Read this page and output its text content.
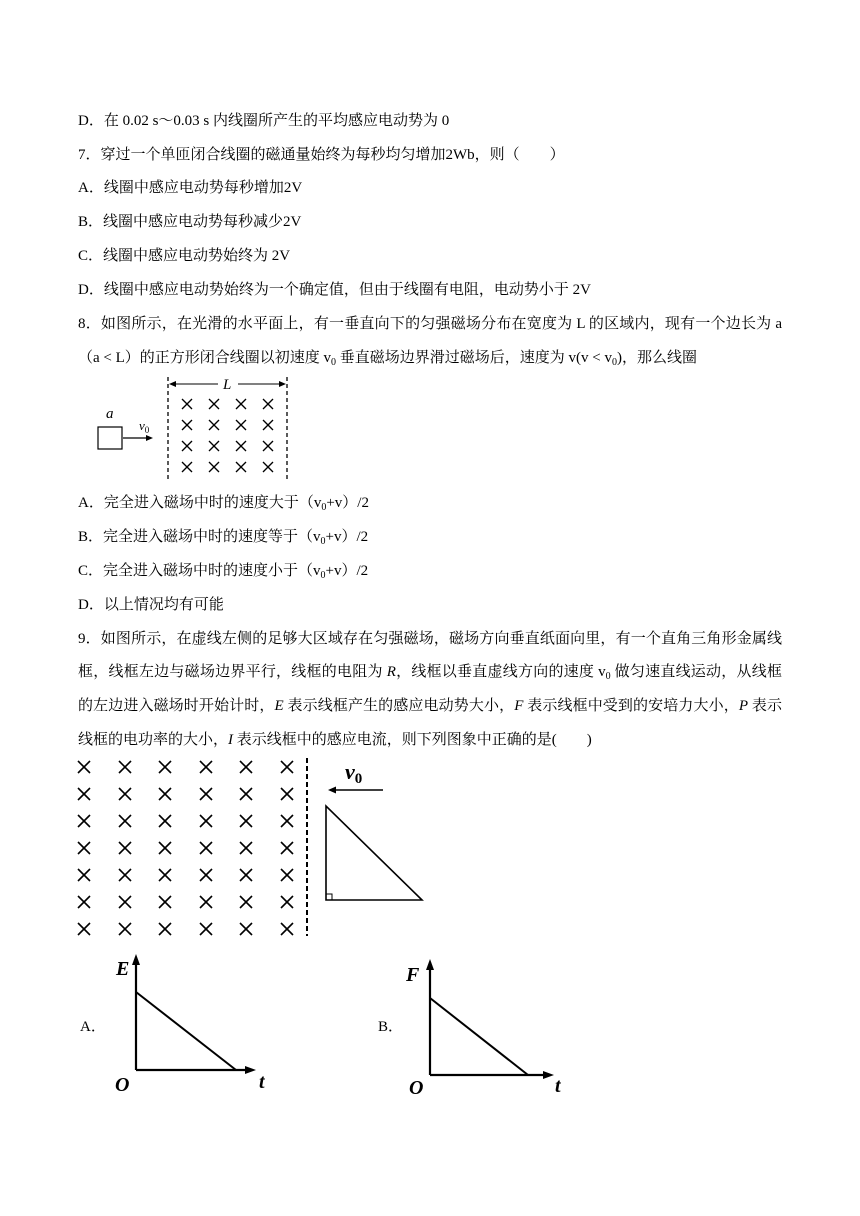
D．在 0.02 s～0.03 s 内线圈所产生的平均感应电动势为 0
7．穿过一个单匝闭合线圈的磁通量始终为每秒均匀增加2Wb，则（　　）
A．线圈中感应电动势每秒增加2V
B．线圈中感应电动势每秒减少2V
C．线圈中感应电动势始终为 2V
D．线圈中感应电动势始终为一个确定值，但由于线圈有电阻，电动势小于 2V
8．如图所示，在光滑的水平面上，有一垂直向下的匀强磁场分布在宽度为 L 的区域内，现有一个边长为 a
（a < L）的正方形闭合线圈以初速度 $v_0$ 垂直磁场边界滑过磁场后，速度为 $v(v < v_0)$，那么线圈
A．完全进入磁场中时的速度大于$(v_0+v)/2$
B．完全进入磁场中时的速度等于$(v_0+v)/2$
C．完全进入磁场中时的速度小于$(v_0+v)/2$
D．以上情况均有可能
9．如图所示，在虚线左侧的足够大区域存在匀强磁场，磁场方向垂直纸面向里，有一个直角三角形金属线
框，线框左边与磁场边界平行，线框的电阻为 R，线框以垂直虚线方向的速度 $v_0$ 做匀速直线运动，从线框
的左边进入磁场时开始计时，E 表示线框产生的感应电动势大小，F 表示线框中受到的安培力大小，P 表示
线框的电功率的大小，I 表示线框中的感应电流，则下列图象中正确的是(　　)
A．	B．
a
$v_0$
L
v0
E
O	t
F
O	t
